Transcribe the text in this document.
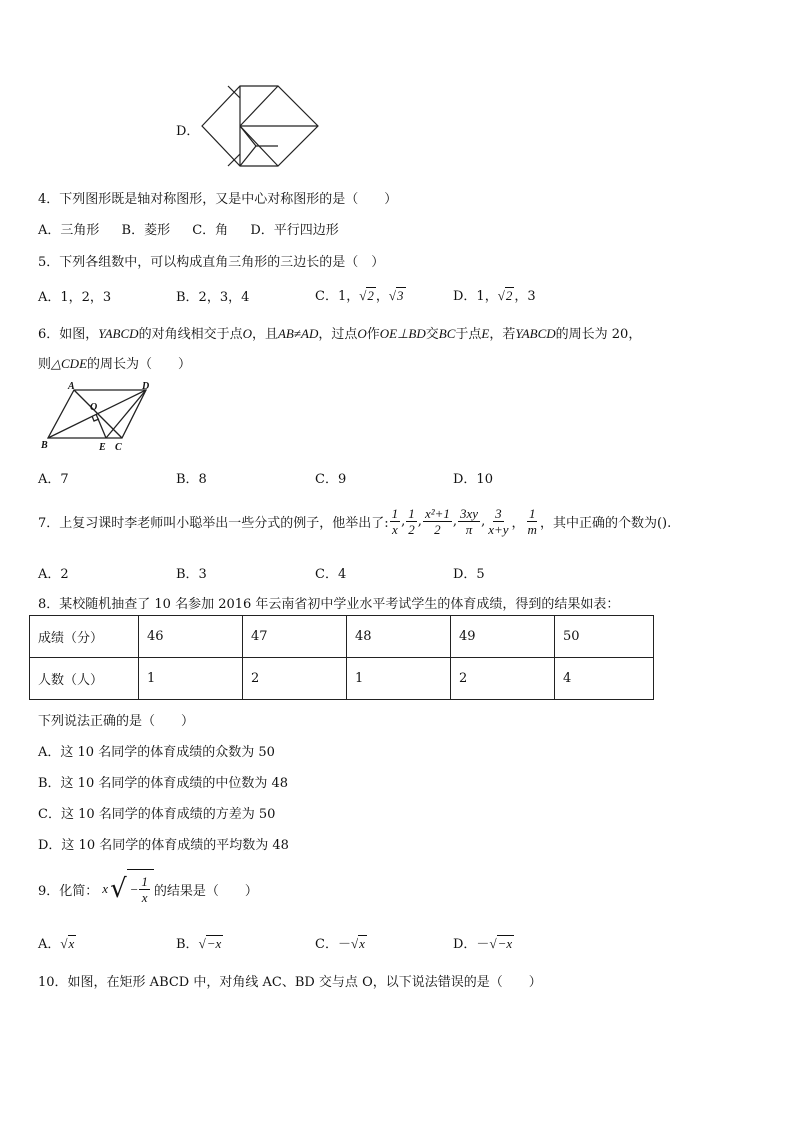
D．
4．下列图形既是轴对称图形，又是中心对称图形的是（　　）
A．三角形 B．菱形 C．角 D．平行四边形
5．下列各组数中，可以构成直角三角形的三边长的是（　）
A．1，2，3	B．2，3，4	C．1，√2 ，√3	D．1，√2 ，3
6．如图，YABCD的对角线相交于点O，且AB≠AD，过点O作OE⊥BD交BC于点E，若YABCD的周长为 20，
则△CDE的周长为（　　）
A	D
O
B	E C
A．7	B．8	C．9	D．10
7．上复习课时李老师叫小聪举出一些分式的例子，他举出了: $\frac{1}{x}$ , $\frac{1}{2}$ , $\frac{\text{x²+1}}{2}$ , $\frac{3xy}{\pi}$ , $\frac{3}{x+y}$ ， $\frac{1}{m}$ ，其中正确的个数为().
A．2	B．3	C．4	D．5
8．某校随机抽查了 10 名参加 2016 年云南省初中学业水平考试学生的体育成绩，得到的结果如表：
成绩（分）	46	47	48	49	50
人数（人）	1	2	1	2	4
下列说法正确的是（　　）
A．这 10 名同学的体育成绩的众数为 50
B．这 10 名同学的体育成绩的中位数为 48
C．这 10 名同学的体育成绩的方差为 50
D．这 10 名同学的体育成绩的平均数为 48
9．化简： x √ − $\frac{1}{x}$ 的结果是（　　）
A．√x	B．√−x	C．－√x	D．－√−x
10．如图，在矩形 ABCD 中，对角线 AC、BD 交与点 O，以下说法错误的是（　　）
